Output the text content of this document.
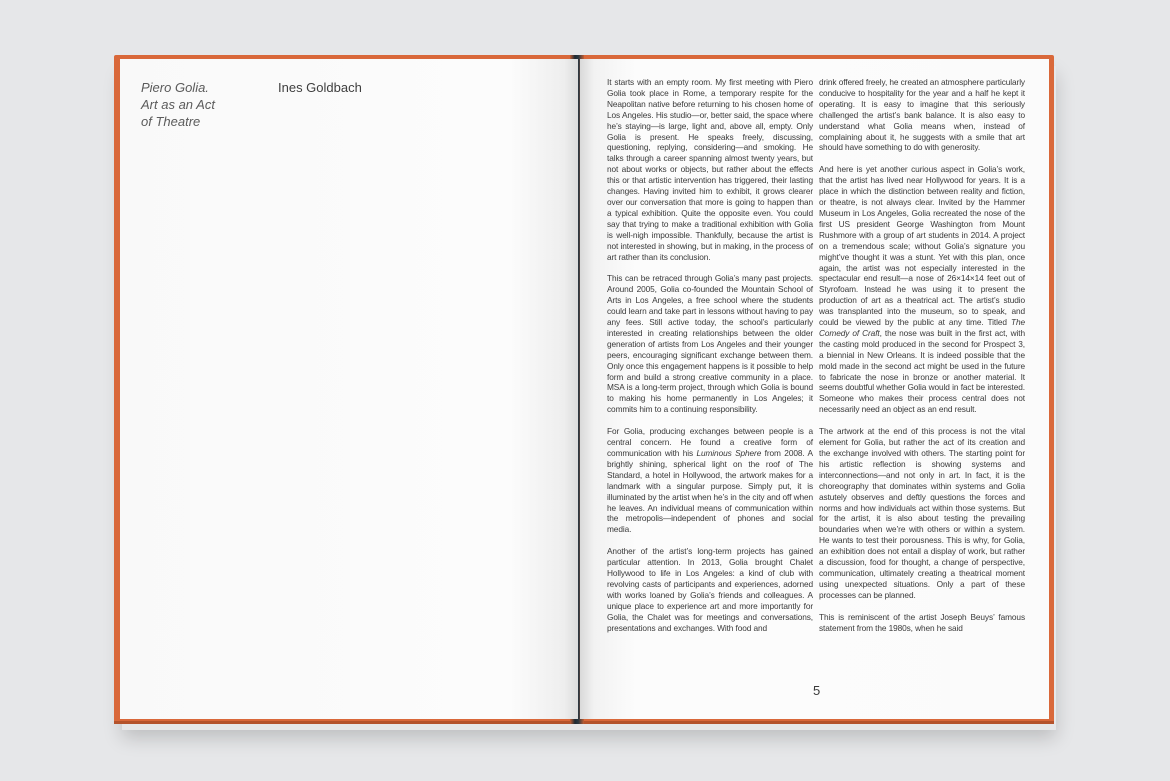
Piero Golia.
Art as an Act
of Theatre
Ines Goldbach	It starts with an empty room. My first meeting with Piero Golia took place in Rome, a temporary respite for the Neapolitan native before returning to his chosen home of Los Angeles. His studio—or, better said, the space where he’s staying—is large, light and, above all, empty. Only Golia is present. He speaks freely, discussing, questioning, replying, considering—and smoking. He talks through a career spanning almost twenty years, but not about works or objects, but rather about the effects this or that artistic intervention has triggered, their lasting changes. Having invited him to exhibit, it grows clearer over our conversation that more is going to happen than a typical exhibition. Quite the opposite even. You could say that trying to make a traditional exhibition with Golia is well-nigh impossible. Thankfully, because the artist is not interested in showing, but in making, in the process of art rather than its conclusion.

This can be retraced through Golia’s many past projects. Around 2005, Golia co-founded the Mountain School of Arts in Los Angeles, a free school where the students could learn and take part in lessons without having to pay any fees. Still active today, the school’s particularly interested in creating relationships between the older generation of artists from Los Angeles and their younger peers, encouraging significant exchange between them. Only once this engagement happens is it possible to help form and build a strong creative community in a place. MSA is a long-term project, through which Golia is bound to making his home permanently in Los Angeles; it commits him to a continuing responsibility.

For Golia, producing exchanges between people is a central concern. He found a creative form of communication with his Luminous Sphere from 2008. A brightly shining, spherical light on the roof of The Standard, a hotel in Hollywood, the artwork makes for a landmark with a singular purpose. Simply put, it is illuminated by the artist when he’s in the city and off when he leaves. An individual means of communication within the metropolis—independent of phones and social media.

Another of the artist’s long-term projects has gained particular attention. In 2013, Golia brought Chalet Hollywood to life in Los Angeles: a kind of club with revolving casts of participants and experiences, adorned with works loaned by Golia’s friends and colleagues. A unique place to experience art and more importantly for Golia, the Chalet was for meetings and conversations, presentations and exchanges. With food and

drink offered freely, he created an atmosphere particularly conducive to hospitality for the year and a half he kept it operating. It is easy to imagine that this seriously challenged the artist’s bank balance. It is also easy to understand what Golia means when, instead of complaining about it, he suggests with a smile that art should have something to do with generosity.

And here is yet another curious aspect in Golia’s work, that the artist has lived near Hollywood for years. It is a place in which the distinction between reality and fiction, or theatre, is not always clear. Invited by the Hammer Museum in Los Angeles, Golia recreated the nose of the first US president George Washington from Mount Rushmore with a group of art students in 2014. A project on a tremendous scale; without Golia’s signature you might’ve thought it was a stunt. Yet with this plan, once again, the artist was not especially interested in the spectacular end result—a nose of 26×14×14 feet out of Styrofoam. Instead he was using it to present the production of art as a theatrical act. The artist’s studio was transplanted into the museum, so to speak, and could be viewed by the public at any time. Titled The Comedy of Craft, the nose was built in the first act, with the casting mold produced in the second for Prospect 3, a biennial in New Orleans. It is indeed possible that the mold made in the second act might be used in the future to fabricate the nose in bronze or another material. It seems doubtful whether Golia would in fact be interested. Someone who makes their process central does not necessarily need an object as an end result.

The artwork at the end of this process is not the vital element for Golia, but rather the act of its creation and the exchange involved with others. The starting point for his artistic reflection is showing systems and interconnections—and not only in art. In fact, it is the choreography that dominates within systems and Golia astutely observes and deftly questions the forces and norms and how individuals act within those systems. But for the artist, it is also about testing the prevailing boundaries when we’re with others or within a system. He wants to test their porousness. This is why, for Golia, an exhibition does not entail a display of work, but rather a discussion, food for thought, a change of perspective, communication, ultimately creating a theatrical moment using unexpected situations. Only a part of these processes can be planned.

This is reminiscent of the artist Joseph Beuys’ famous statement from the 1980s, when he said

5
